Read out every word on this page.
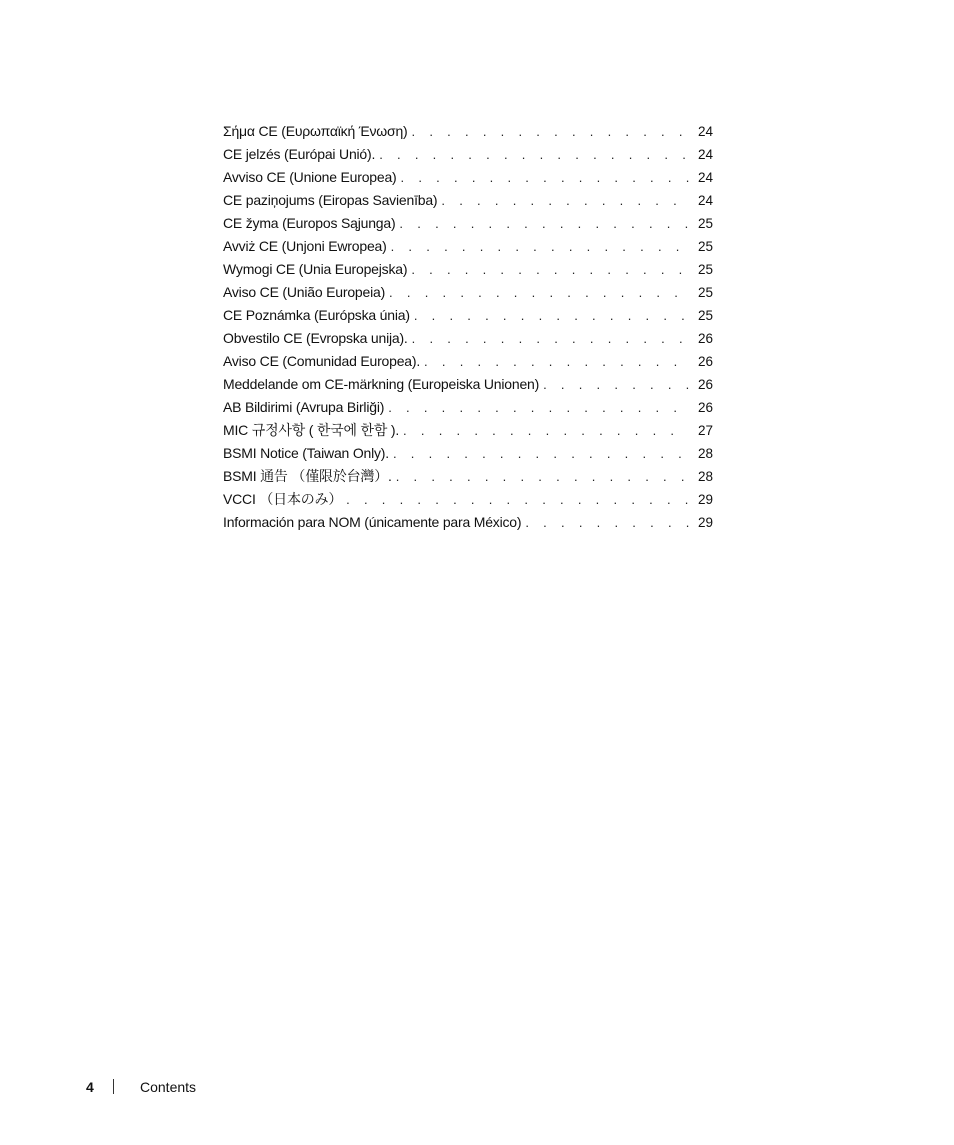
Σήμα CE (Ευρωπαϊκή Ένωση) . . .	24
CE jelzés (Európai Unió). . . .	24
Avviso CE (Unione Europea) . . .	24
CE paziņojums (Eiropas Savienība) . . .	24
CE žyma (Europos Sąjunga) . . .	25
Avviż CE (Unjoni Ewropea) . . .	25
Wymogi CE (Unia Europejska) . . .	25
Aviso CE (União Europeia) . . .	25
CE Poznámka (Európska únia) . . .	25
Obvestilo CE (Evropska unija). . . .	26
Aviso CE (Comunidad Europea). . . .	26
Meddelande om CE-märkning (Europeiska Unionen) . . .	26
AB Bildirimi (Avrupa Birliği) . . .	26
MIC 규정사항 ( 한국에 한함 ). . . .	27
BSMI Notice (Taiwan Only). . . .	28
BSMI 通告 （僅限於台灣）. . . .	28
VCCI （日本のみ） . . .	29
Información para NOM (únicamente para México) . . .	29
4	Contents
